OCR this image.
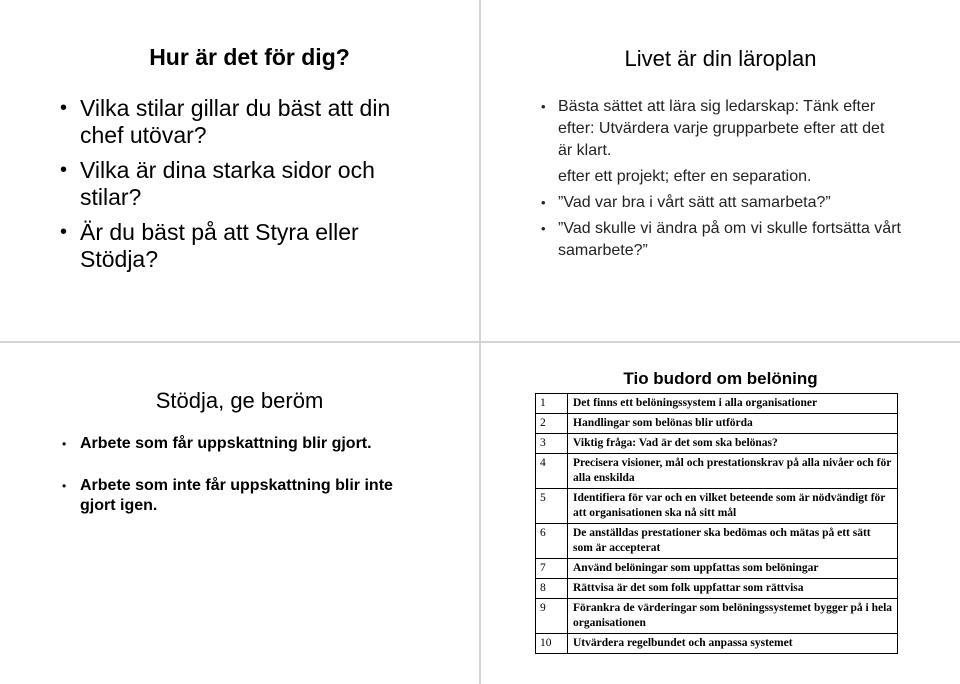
Hur är det för dig?
• Vilka stilar gillar du bäst att din chef utövar?
• Vilka är dina starka sidor och stilar?
• Är du bäst på att Styra eller Stödja?
Livet är din läroplan

• Bästa sättet att lära sig ledarskap: Tänk efter efter: Utvärdera varje grupparbete efter att det är klart.

efter ett projekt; efter en separation.

• ”Vad var bra i vårt sätt att samarbeta?”
• ”Vad skulle vi ändra på om vi skulle fortsätta vårt samarbete?”
Stödja, ge beröm
• Arbete som får uppskattning blir gjort.
• Arbete som inte får uppskattning blir inte gjort igen.
Tio budord om belöning
1	Det finns ett belöningssystem i alla organisationer
2	Handlingar som belönas blir utförda
3	Viktig fråga: Vad är det som ska belönas?
4	Precisera visioner, mål och prestationskrav på alla nivåer och för alla enskilda
5	Identifiera för var och en vilket beteende som är nödvändigt för att organisationen ska nå sitt mål
6	De anställdas prestationer ska bedömas och mätas på ett sätt som är accepterat
7	Använd belöningar som uppfattas som belöningar
8	Rättvisa är det som folk uppfattar som rättvisa
9	Förankra de värderingar som belöningssystemet bygger på i hela organisationen
10	Utvärdera regelbundet och anpassa systemet
